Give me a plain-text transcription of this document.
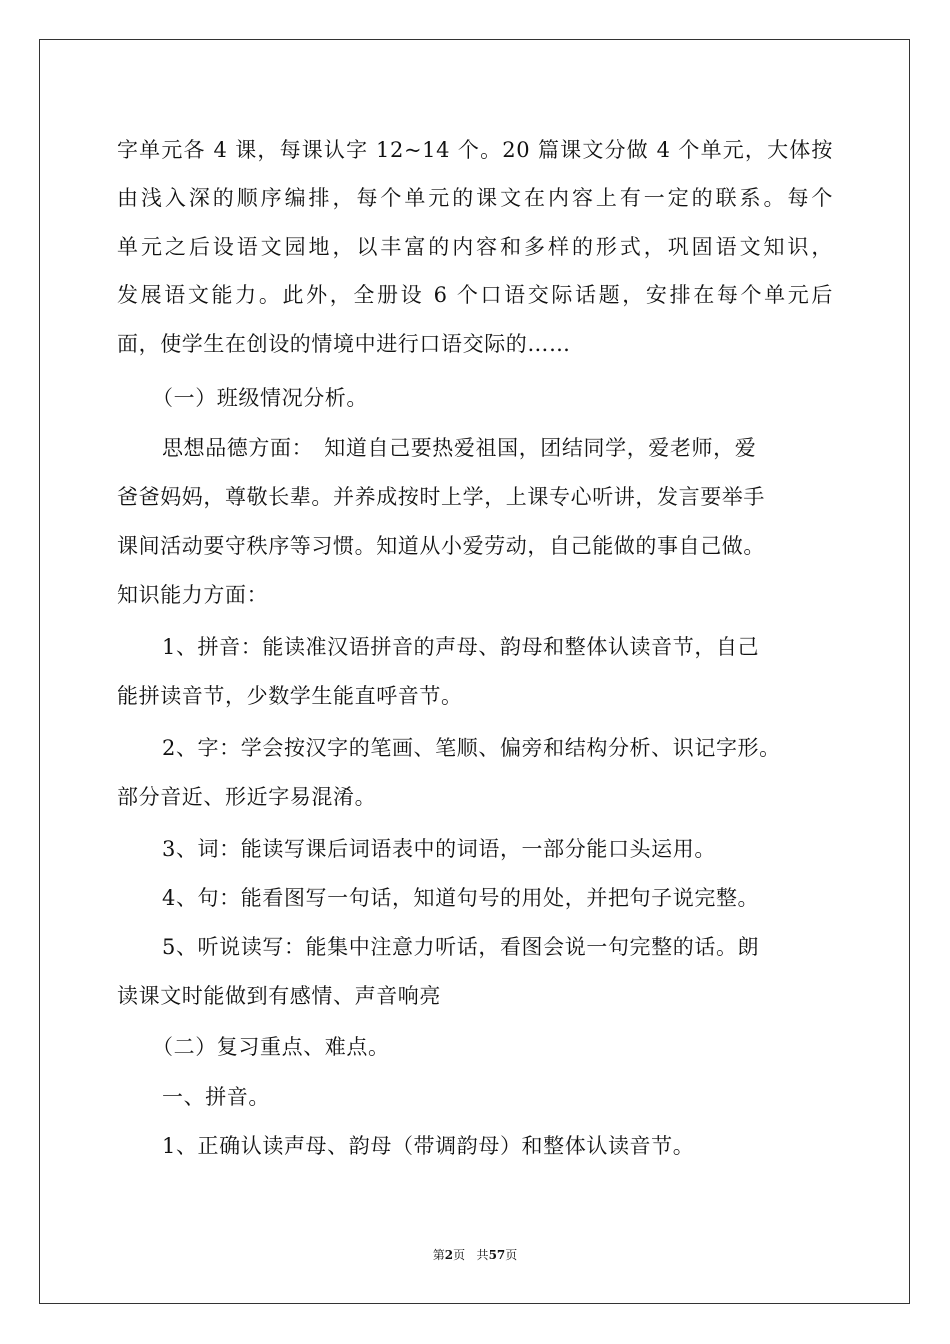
字单元各 4 课，每课认字 12~14 个。20 篇课文分做 4 个单元，大体按
由浅入深的顺序编排，每个单元的课文在内容上有一定的联系。每个
单元之后设语文园地，以丰富的内容和多样的形式，巩固语文知识，
发展语文能力。此外，全册设 6 个口语交际话题，安排在每个单元后
面，使学生在创设的情境中进行口语交际的……
（一）班级情况分析。
思想品德方面：　知道自己要热爱祖国，团结同学，爱老师，爱
爸爸妈妈，尊敬长辈。并养成按时上学，上课专心听讲，发言要举手
课间活动要守秩序等习惯。知道从小爱劳动，自己能做的事自己做。
知识能力方面：
1、拼音：能读准汉语拼音的声母、韵母和整体认读音节，自己
能拼读音节，少数学生能直呼音节。
2、字：学会按汉字的笔画、笔顺、偏旁和结构分析、识记字形。
部分音近、形近字易混淆。
3、词：能读写课后词语表中的词语，一部分能口头运用。
4、句：能看图写一句话，知道句号的用处，并把句子说完整。
5、听说读写：能集中注意力听话，看图会说一句完整的话。朗
读课文时能做到有感情、声音响亮
（二）复习重点、难点。
一、拼音。
1、正确认读声母、韵母（带调韵母）和整体认读音节。
第2页 共57页
